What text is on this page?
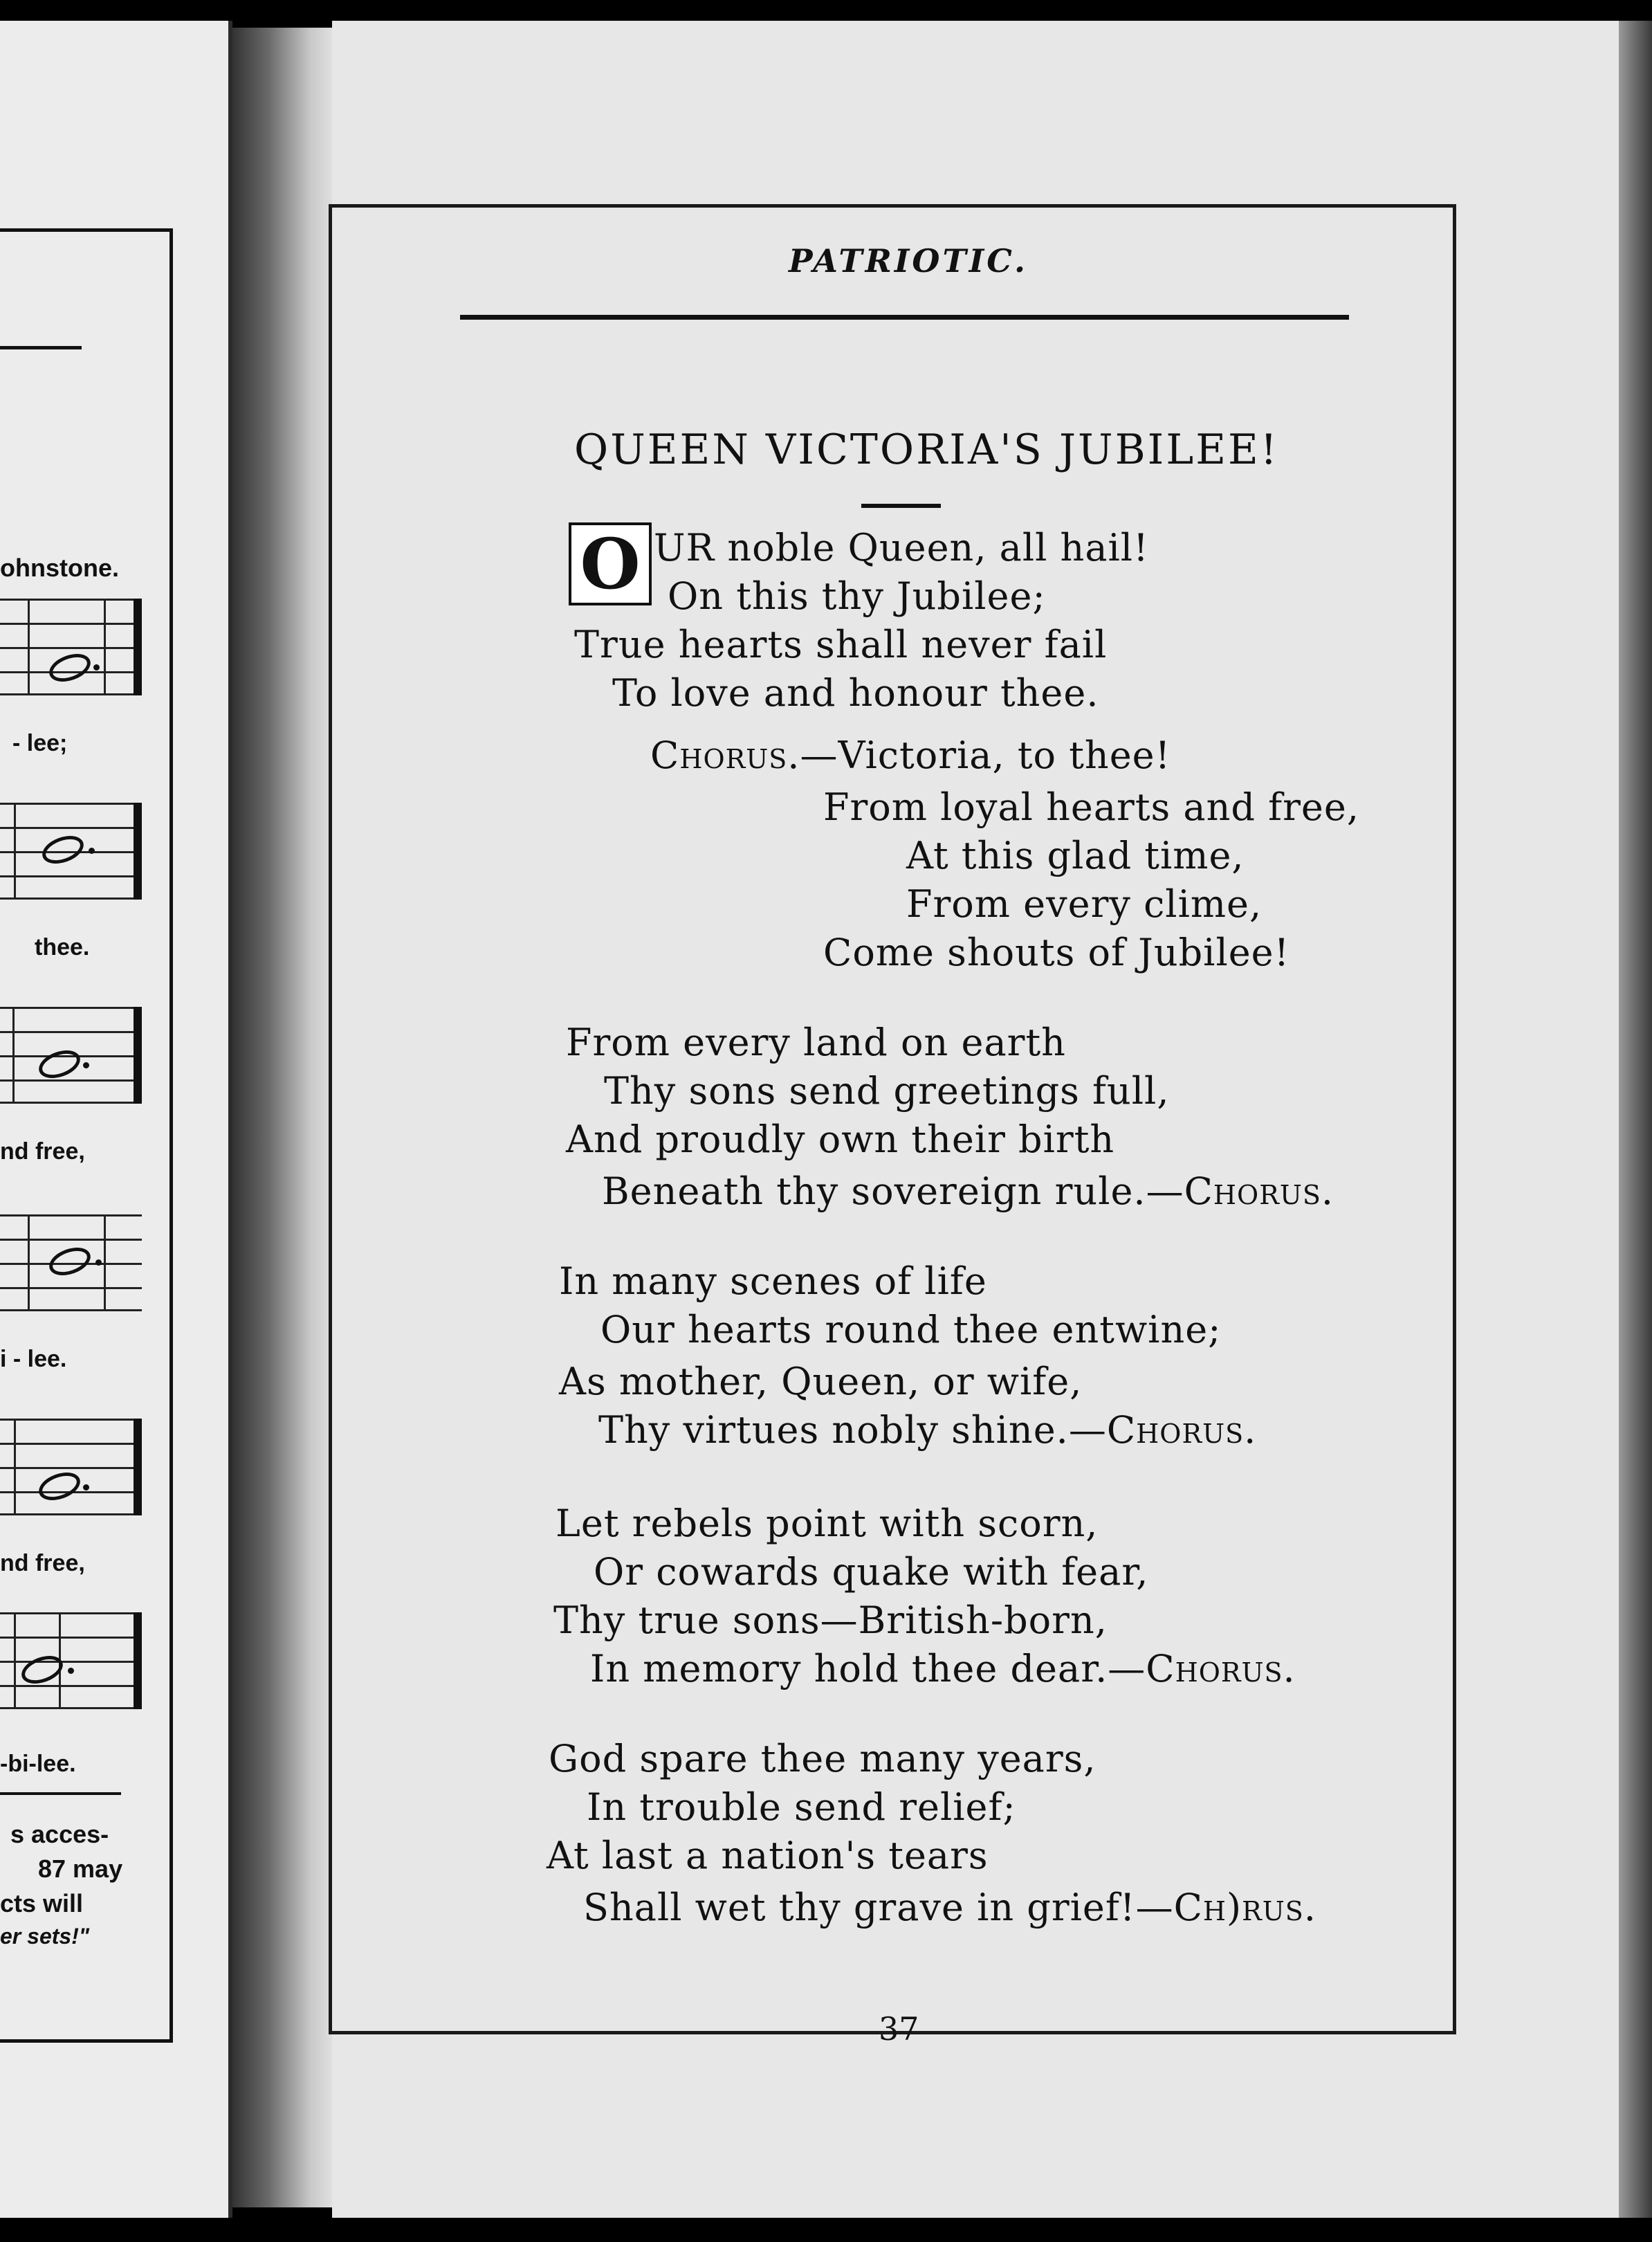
ohnstone.
- lee;
thee.
nd free,
i - lee.
nd free,
-bi-lee.
s acces-
87 may
cts will
er sets!"
PATRIOTIC.
QUEEN VICTORIA'S JUBILEE!
O UR noble Queen, all hail!
On this thy Jubilee;
True hearts shall never fail
To love and honour thee.
Chorus.—Victoria, to thee!
From loyal hearts and free,
At this glad time,
From every clime,
Come shouts of Jubilee!
From every land on earth
Thy sons send greetings full,
And proudly own their birth
Beneath thy sovereign rule.—Chorus.
In many scenes of life
Our hearts round thee entwine;
As mother, Queen, or wife,
Thy virtues nobly shine.—Chorus.
Let rebels point with scorn,
Or cowards quake with fear,
Thy true sons—British-born,
In memory hold thee dear.—Chorus.
God spare thee many years,
In trouble send relief;
At last a nation's tears
Shall wet thy grave in grief!—Ch)rus.
37
